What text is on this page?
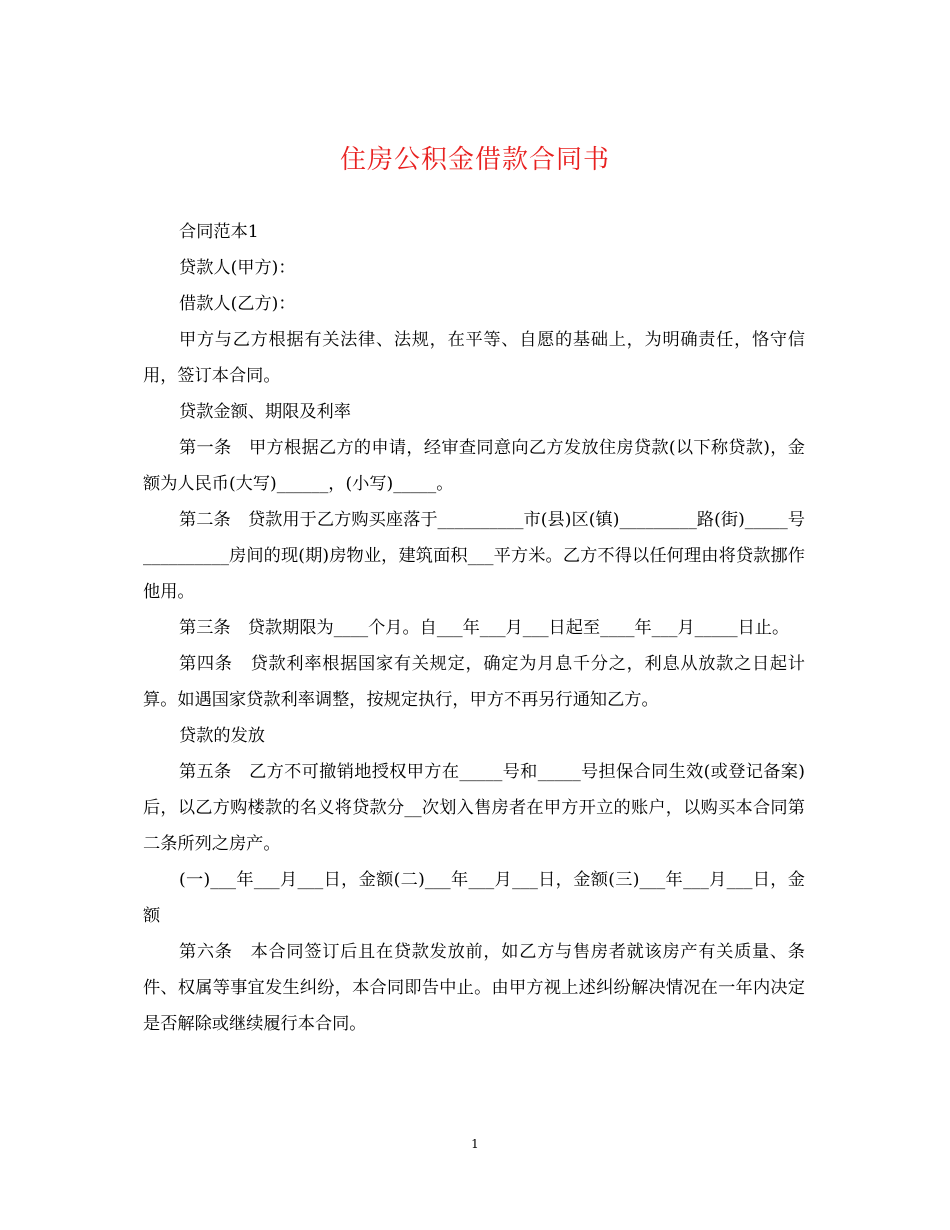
住房公积金借款合同书

合同范本1

贷款人(甲方)：

借款人(乙方)：

甲方与乙方根据有关法律、法规，在平等、自愿的基础上，为明确责任，恪守信用，签订本合同。

贷款金额、期限及利率

第一条　甲方根据乙方的申请，经审查同意向乙方发放住房贷款(以下称贷款)，金额为人民币(大写)______，(小写)_____。

第二条　贷款用于乙方购买座落于__________市(县)区(镇)_________路(街)_____号__________房间的现(期)房物业，建筑面积___平方米。乙方不得以任何理由将贷款挪作他用。

第三条　贷款期限为____个月。自___年___月___日起至____年___月_____日止。

第四条　贷款利率根据国家有关规定，确定为月息千分之，利息从放款之日起计算。如遇国家贷款利率调整，按规定执行，甲方不再另行通知乙方。

贷款的发放

第五条　乙方不可撤销地授权甲方在_____号和_____号担保合同生效(或登记备案)后，以乙方购楼款的名义将贷款分__次划入售房者在甲方开立的账户，以购买本合同第二条所列之房产。

(一)___年___月___日，金额(二)___年___月___日，金额(三)___年___月___日，金额

第六条　本合同签订后且在贷款发放前，如乙方与售房者就该房产有关质量、条件、权属等事宜发生纠纷，本合同即告中止。由甲方视上述纠纷解决情况在一年内决定是否解除或继续履行本合同。

1
